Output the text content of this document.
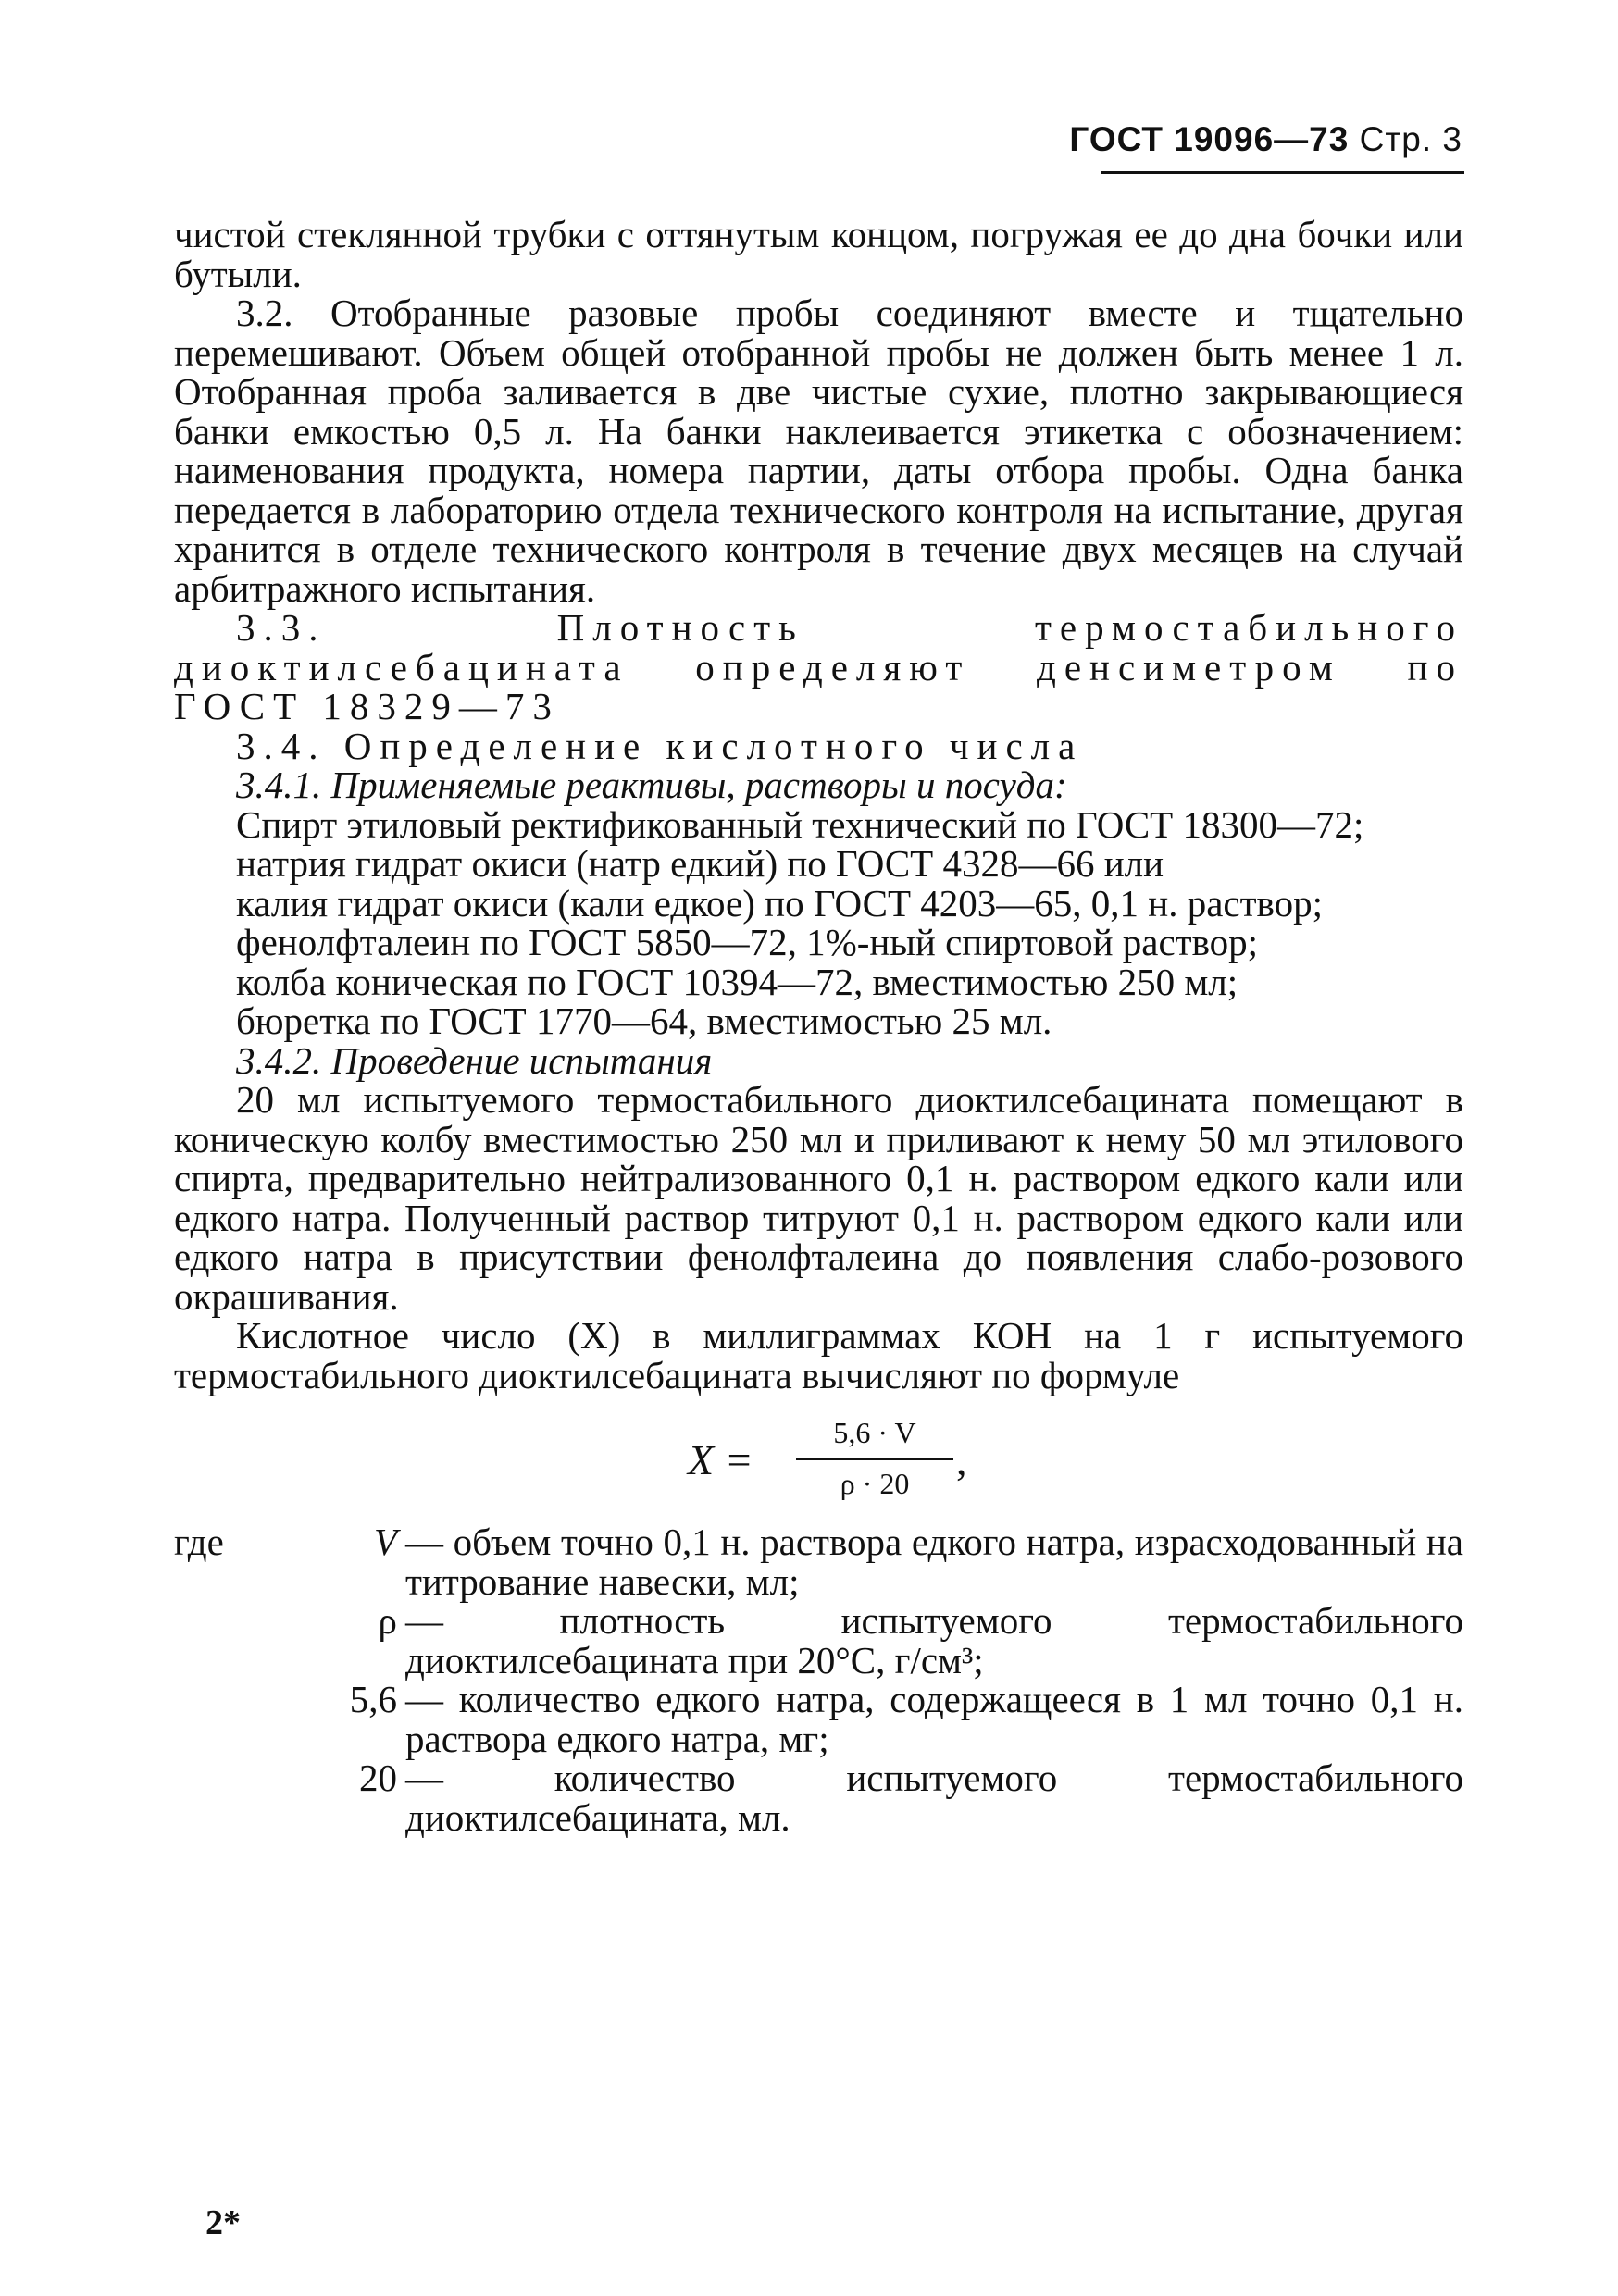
ГОСТ 19096—73 Стр. 3

чистой стеклянной трубки с оттянутым концом, погружая ее до дна бочки или бутыли.

3.2. Отобранные разовые пробы соединяют вместе и тщательно перемешивают. Объем общей отобранной пробы не должен быть менее 1 л. Отобранная проба заливается в две чистые сухие, плотно закрывающиеся банки емкостью 0,5 л. На банки наклеивается этикетка с обозначением: наименования продукта, номера партии, даты отбора пробы. Одна банка передается в лабораторию отдела технического контроля на испытание, другая хранится в отделе технического контроля в течение двух месяцев на случай арбитражного испытания.

3.3. Плотность термостабильного диоктилсебацината определяют денсиметром по ГОСТ 18329—73

3.4. Определение кислотного числа

3.4.1. Применяемые реактивы, растворы и посуда:

Спирт этиловый ректификованный технический по ГОСТ 18300—72;

натрия гидрат окиси (натр едкий) по ГОСТ 4328—66 или

калия гидрат окиси (кали едкое) по ГОСТ 4203—65, 0,1 н. раствор;

фенолфталеин по ГОСТ 5850—72, 1%-ный спиртовой раствор;

колба коническая по ГОСТ 10394—72, вместимостью 250 мл;

бюретка по ГОСТ 1770—64, вместимостью 25 мл.

3.4.2. Проведение испытания

20 мл испытуемого термостабильного диоктилсебацината помещают в коническую колбу вместимостью 250 мл и приливают к нему 50 мл этилового спирта, предварительно нейтрализованного 0,1 н. раствором едкого кали или едкого натра. Полученный раствор титруют 0,1 н. раствором едкого кали или едкого натра в присутствии фенолфталеина до появления слабо-розового окрашивания.

Кислотное число (X) в миллиграммах КОН на 1 г испытуемого термостабильного диоктилсебацината вычисляют по формуле

$X = \frac{5,6 \cdot V}{\rho \cdot 20}$ ,
где	V — объем точно 0,1 н. раствора едкого натра, израсходованный на титрование навески, мл;

ρ — плотность испытуемого термостабильного диоктилсебацината при 20°С, г/см³;

5,6 — количество едкого натра, содержащееся в 1 мл точно 0,1 н. раствора едкого натра, мг;

20 — количество испытуемого термостабильного диоктилсебацината, мл.

2*
